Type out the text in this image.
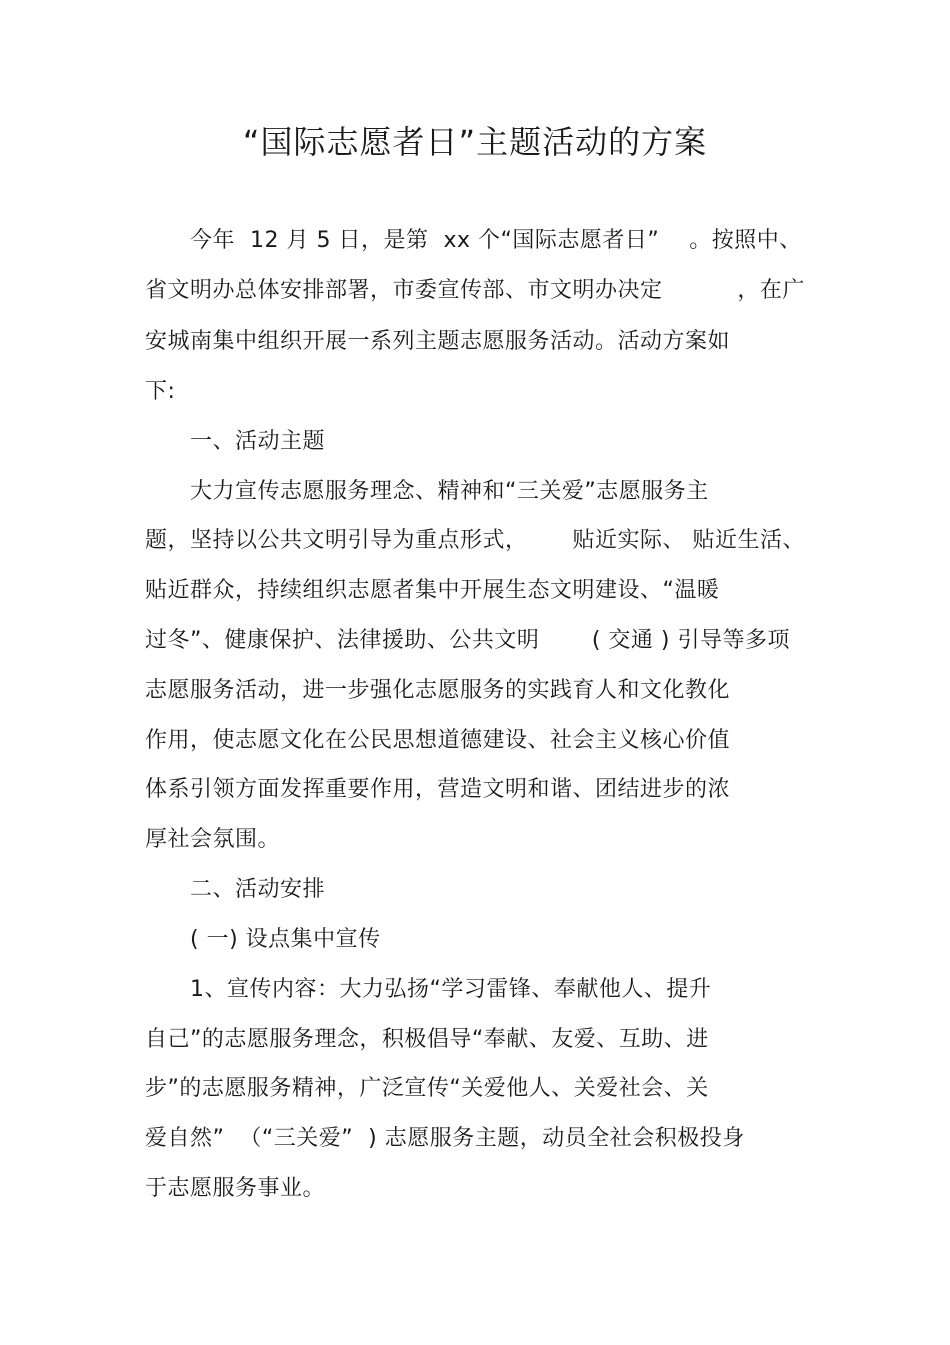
“国际志愿者日”主题活动的方案

　　今年  12 月 5 日，是第  xx 个“国际志愿者日”    。按照中、

省文明办总体安排部署，市委宣传部、市文明办决定          ，在广

安城南集中组织开展一系列主题志愿服务活动。活动方案如

下:

　　一、活动主题

　　大力宣传志愿服务理念、精神和“三关爱”志愿服务主

题，坚持以公共文明引导为重点形式，      贴近实际、 贴近生活、

贴近群众，持续组织志愿者集中开展生态文明建设、“温暖

过冬”、健康保护、法律援助、公共文明       ( 交通 ) 引导等多项

志愿服务活动，进一步强化志愿服务的实践育人和文化教化

作用，使志愿文化在公民思想道德建设、社会主义核心价值

体系引领方面发挥重要作用，营造文明和谐、团结进步的浓

厚社会氛围。

　　二、活动安排

　　( 一) 设点集中宣传

　　1、宣传内容：大力弘扬“学习雷锋、奉献他人、提升

自己”的志愿服务理念，积极倡导“奉献、友爱、互助、进

步”的志愿服务精神，广泛宣传“关爱他人、关爱社会、关

爱自然”  （“三关爱”  ) 志愿服务主题，动员全社会积极投身

于志愿服务事业。
